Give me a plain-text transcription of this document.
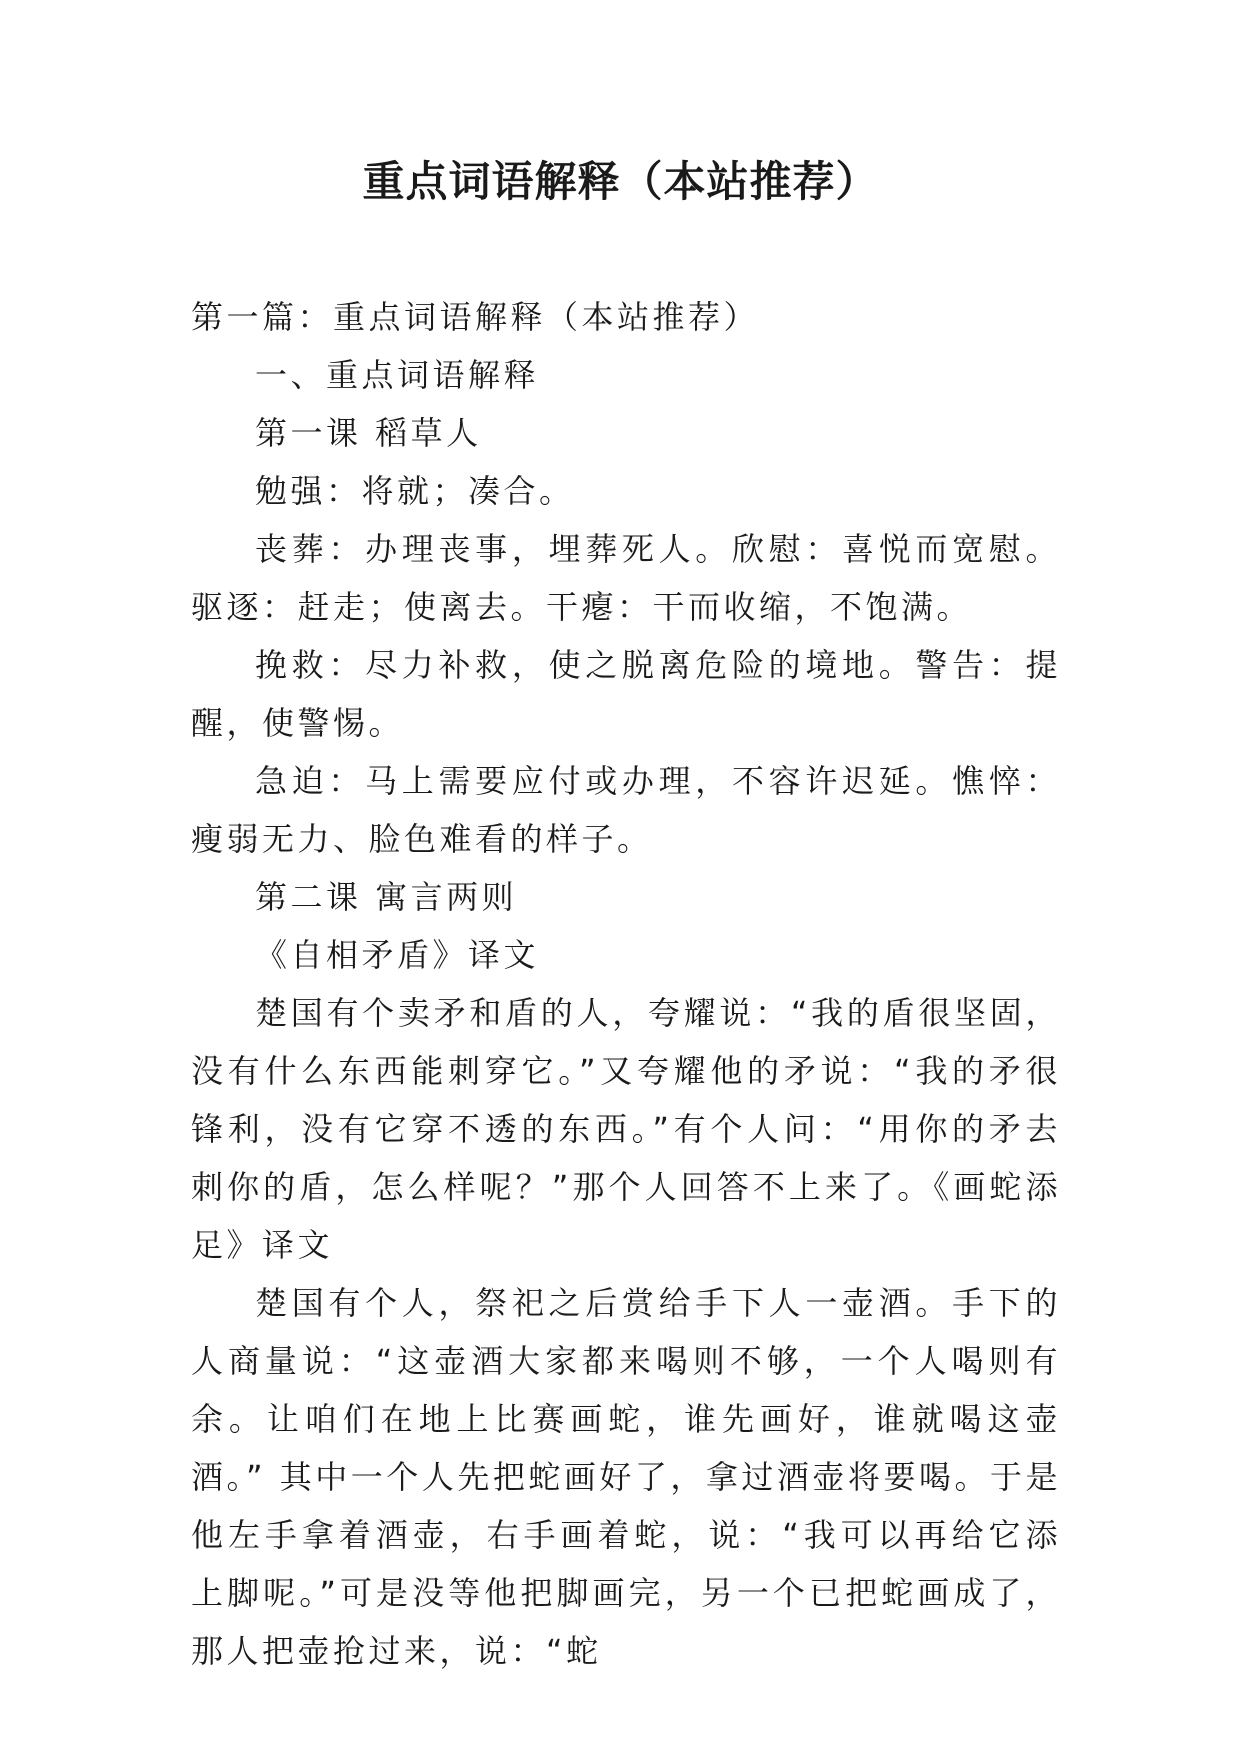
重点词语解释（本站推荐）

第一篇：重点词语解释（本站推荐）

一、重点词语解释

第一课 稻草人

勉强：将就；凑合。

丧葬：办理丧事，埋葬死人。欣慰：喜悦而宽慰。驱逐：赶走；使离去。干瘪：干而收缩，不饱满。

挽救：尽力补救，使之脱离危险的境地。警告：提醒，使警惕。

急迫：马上需要应付或办理，不容许迟延。憔悴：瘦弱无力、脸色难看的样子。

第二课 寓言两则

《自相矛盾》译文

楚国有个卖矛和盾的人，夸耀说：“我的盾很坚固，没有什么东西能刺穿它。”又夸耀他的矛说：“我的矛很锋利，没有它穿不透的东西。”有个人问：“用你的矛去刺你的盾，怎么样呢？”那个人回答不上来了。《画蛇添足》译文

楚国有个人，祭祀之后赏给手下人一壶酒。手下的人商量说：“这壶酒大家都来喝则不够，一个人喝则有余。让咱们在地上比赛画蛇，谁先画好，谁就喝这壶酒。” 其中一个人先把蛇画好了，拿过酒壶将要喝。于是他左手拿着酒壶，右手画着蛇，说：“我可以再给它添上脚呢。”可是没等他把脚画完，另一个已把蛇画成了，那人把壶抢过来，说：“蛇
